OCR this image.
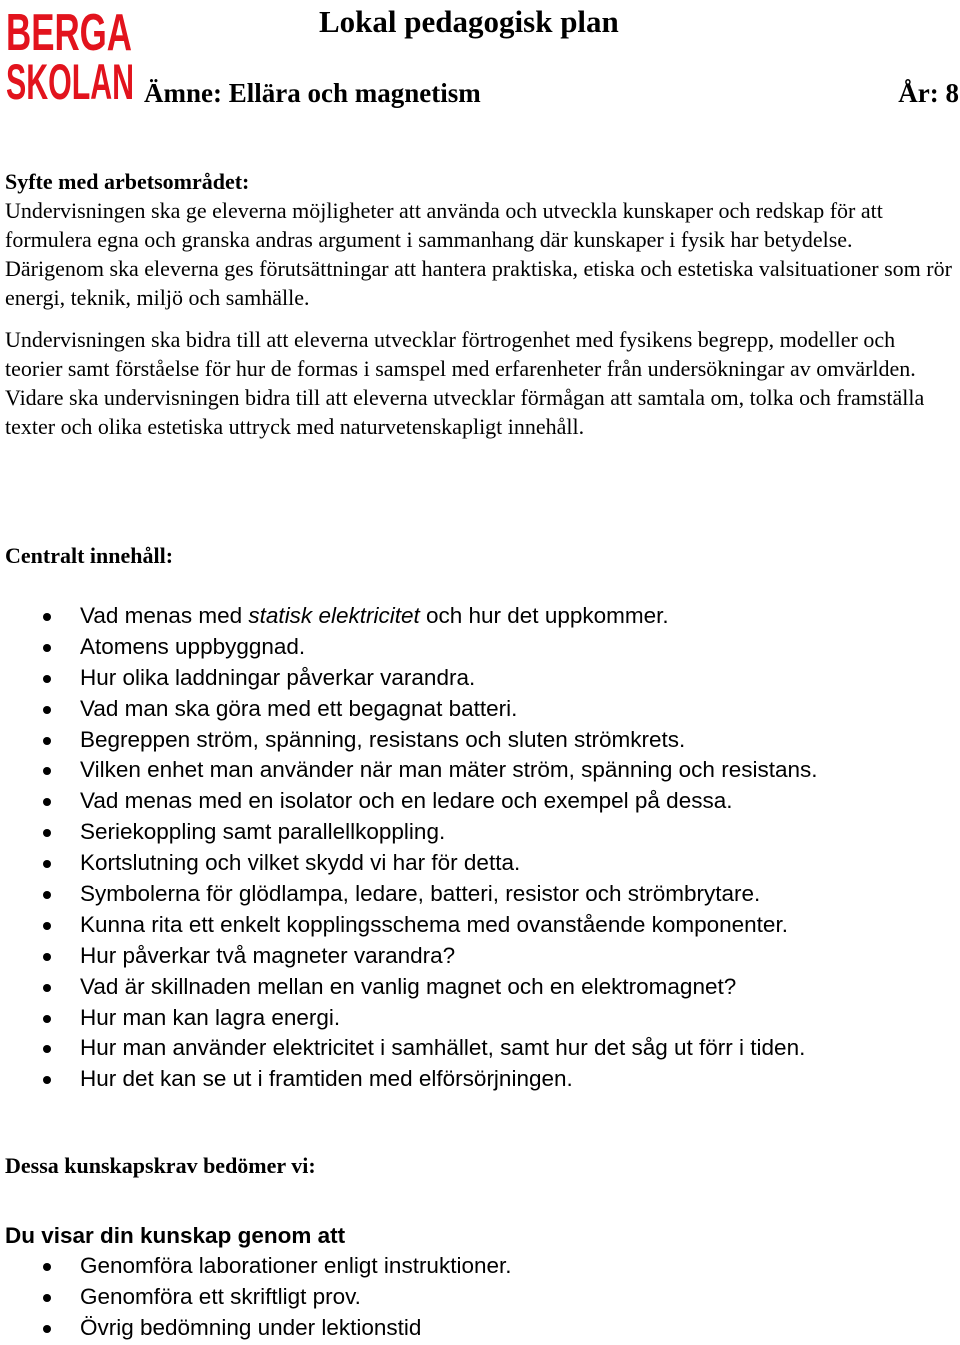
BERGA
SKOLAN
Lokal pedagogisk plan
Ämne: Ellära och magnetism	År: 8

Syfte med arbetsområdet:

Undervisningen ska ge eleverna möjligheter att använda och utveckla kunskaper och redskap för att formulera egna och granska andras argument i sammanhang där kunskaper i fysik har betydelse. Därigenom ska eleverna ges förutsättningar att hantera praktiska, etiska och estetiska valsituationer som rör energi, teknik, miljö och samhälle.

Undervisningen ska bidra till att eleverna utvecklar förtrogenhet med fysikens begrepp, modeller och teorier samt förståelse för hur de formas i samspel med erfarenheter från undersökningar av omvärlden. Vidare ska undervisningen bidra till att eleverna utvecklar förmågan att samtala om, tolka och framställa texter och olika estetiska uttryck med naturvetenskapligt innehåll.

Centralt innehåll:

Vad menas med statisk elektricitet och hur det uppkommer.
Atomens uppbyggnad.
Hur olika laddningar påverkar varandra.
Vad man ska göra med ett begagnat batteri.
Begreppen ström, spänning, resistans och sluten strömkrets.
Vilken enhet man använder när man mäter ström, spänning och resistans.
Vad menas med en isolator och en ledare och exempel på dessa.
Seriekoppling samt parallellkoppling.
Kortslutning och vilket skydd vi har för detta.
Symbolerna för glödlampa, ledare, batteri, resistor och strömbrytare.
Kunna rita ett enkelt kopplingsschema med ovanstående komponenter.
Hur påverkar två magneter varandra?
Vad är skillnaden mellan en vanlig magnet och en elektromagnet?
Hur man kan lagra energi.
Hur man använder elektricitet i samhället, samt hur det såg ut förr i tiden.
Hur det kan se ut i framtiden med elförsörjningen.

Dessa kunskapskrav bedömer vi:

Du visar din kunskap genom att

Genomföra laborationer enligt instruktioner.
Genomföra ett skriftligt prov.
Övrig bedömning under lektionstid
